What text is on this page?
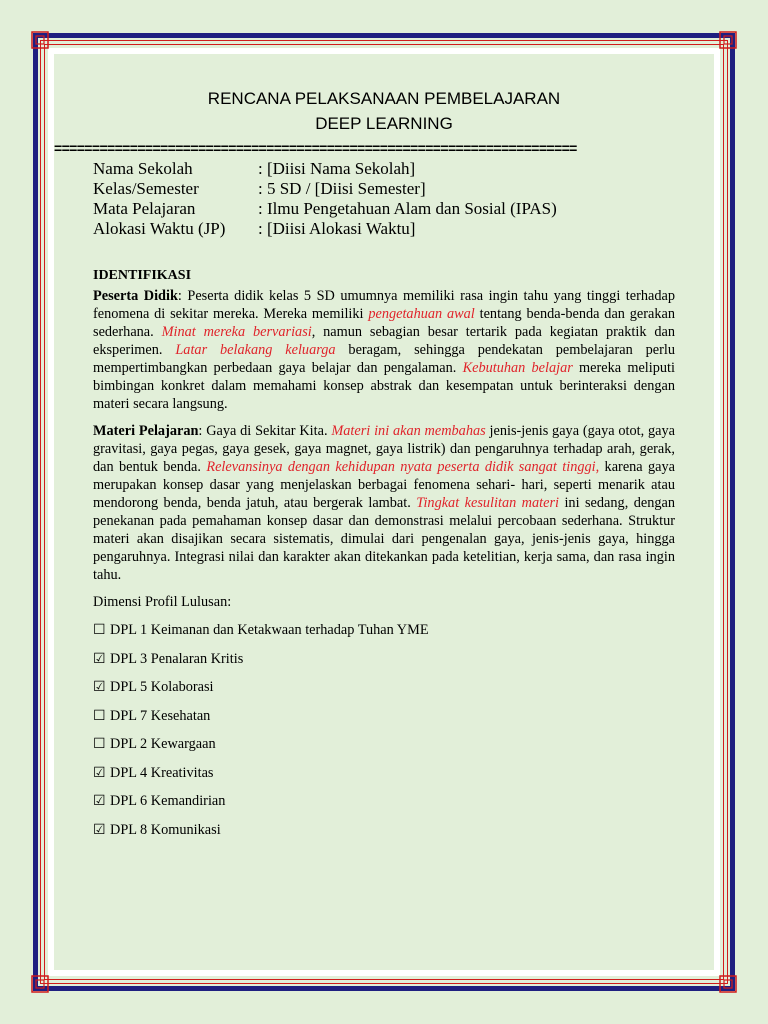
RENCANA PELAKSANAAN PEMBELAJARAN
DEEP LEARNING
=====================================================================
Nama Sekolah	: [Diisi Nama Sekolah]
Kelas/Semester	: 5 SD / [Diisi Semester]
Mata Pelajaran	: Ilmu Pengetahuan Alam dan Sosial (IPAS)
Alokasi Waktu (JP)	: [Diisi Alokasi Waktu]
IDENTIFIKASI
Peserta Didik: Peserta didik kelas 5 SD umumnya memiliki rasa ingin tahu yang tinggi terhadap fenomena di sekitar mereka. Mereka memiliki pengetahuan awal tentang benda-benda dan gerakan sederhana. Minat mereka bervariasi, namun sebagian besar tertarik pada kegiatan praktik dan eksperimen. Latar belakang keluarga beragam, sehingga pendekatan pembelajaran perlu mempertimbangkan perbedaan gaya belajar dan pengalaman. Kebutuhan belajar mereka meliputi bimbingan konkret dalam memahami konsep abstrak dan kesempatan untuk berinteraksi dengan materi secara langsung.
Materi Pelajaran: Gaya di Sekitar Kita. Materi ini akan membahas jenis-jenis gaya (gaya otot, gaya gravitasi, gaya pegas, gaya gesek, gaya magnet, gaya listrik) dan pengaruhnya terhadap arah, gerak, dan bentuk benda. Relevansinya dengan kehidupan nyata peserta didik sangat tinggi, karena gaya merupakan konsep dasar yang menjelaskan berbagai fenomena sehari- hari, seperti menarik atau mendorong benda, benda jatuh, atau bergerak lambat. Tingkat kesulitan materi ini sedang, dengan penekanan pada pemahaman konsep dasar dan demonstrasi melalui percobaan sederhana. Struktur materi akan disajikan secara sistematis, dimulai dari pengenalan gaya, jenis-jenis gaya, hingga pengaruhnya. Integrasi nilai dan karakter akan ditekankan pada ketelitian, kerja sama, dan rasa ingin tahu.
Dimensi Profil Lulusan:
☐ DPL 1 Keimanan dan Ketakwaan terhadap Tuhan YME
☑ DPL 3 Penalaran Kritis
☑ DPL 5 Kolaborasi
☐ DPL 7 Kesehatan
☐ DPL 2 Kewargaan
☑ DPL 4 Kreativitas
☑ DPL 6 Kemandirian
☑ DPL 8 Komunikasi
